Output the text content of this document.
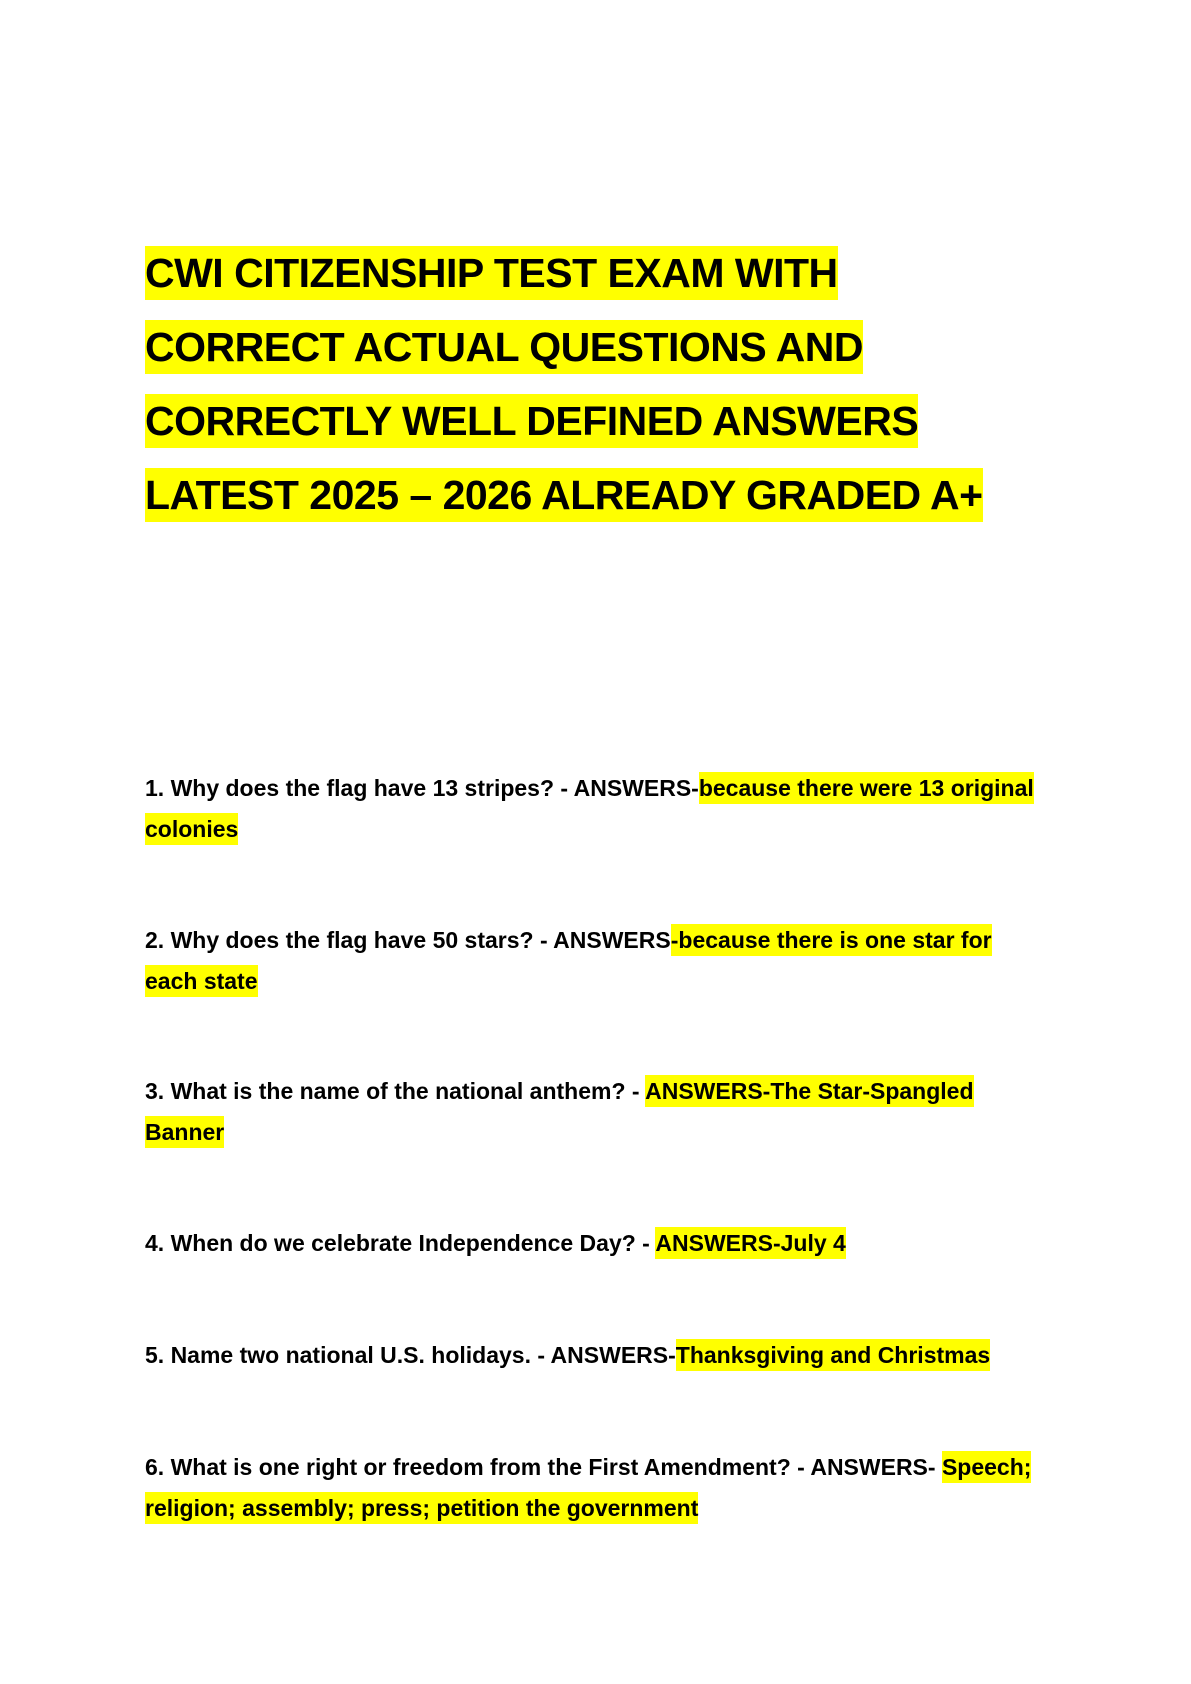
CWI CITIZENSHIP TEST EXAM WITH
CORRECT ACTUAL QUESTIONS AND
CORRECTLY WELL DEFINED ANSWERS
LATEST 2025 – 2026 ALREADY GRADED A+

1. Why does the flag have 13 stripes? - ANSWERS-because there were 13 original colonies

2. Why does the flag have 50 stars? - ANSWERS-because there is one star for each state

3. What is the name of the national anthem? - ANSWERS-The Star-Spangled Banner

4. When do we celebrate Independence Day? - ANSWERS-July 4

5. Name two national U.S. holidays. - ANSWERS-Thanksgiving and Christmas

6. What is one right or freedom from the First Amendment? - ANSWERS- Speech; religion; assembly; press; petition the government
